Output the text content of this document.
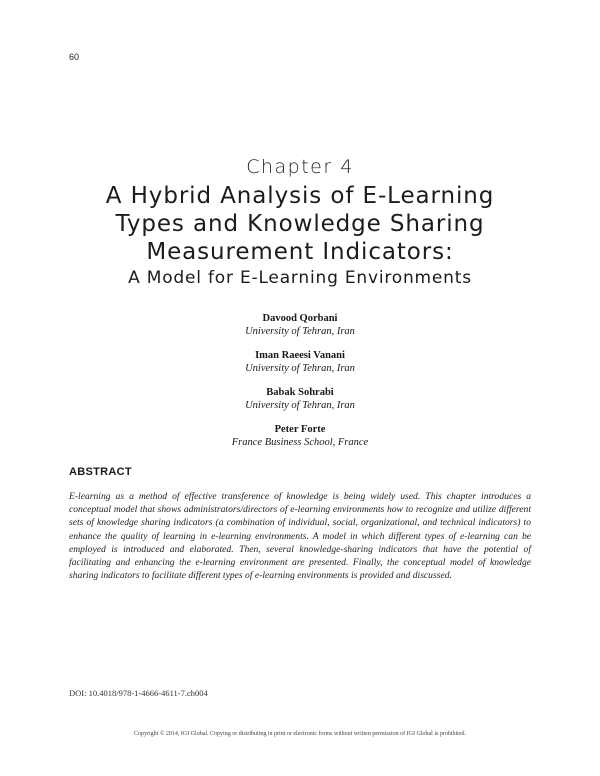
60
Chapter 4
A Hybrid Analysis of E-Learning
Types and Knowledge Sharing
Measurement Indicators:
A Model for E-Learning Environments
Davood Qorbani
University of Tehran, Iran
Iman Raeesi Vanani
University of Tehran, Iran
Babak Sohrabi
University of Tehran, Iran
Peter Forte
France Business School, France
ABSTRACT
E-learning as a method of effective transference of knowledge is being widely used. This chapter introduces a conceptual model that shows administrators/directors of e-learning environments how to recognize and utilize different sets of knowledge sharing indicators (a combination of individual, social, organizational, and technical indicators) to enhance the quality of learning in e-learning environments. A model in which different types of e-learning can be employed is introduced and elaborated. Then, several knowledge-sharing indicators that have the potential of facilitating and enhancing the e-learning environment are presented. Finally, the conceptual model of knowledge sharing indicators to facilitate different types of e-learning environments is provided and discussed.
DOI: 10.4018/978-1-4666-4611-7.ch004
Copyright © 2014, IGI Global. Copying or distributing in print or electronic forms without written permission of IGI Global is prohibited.
